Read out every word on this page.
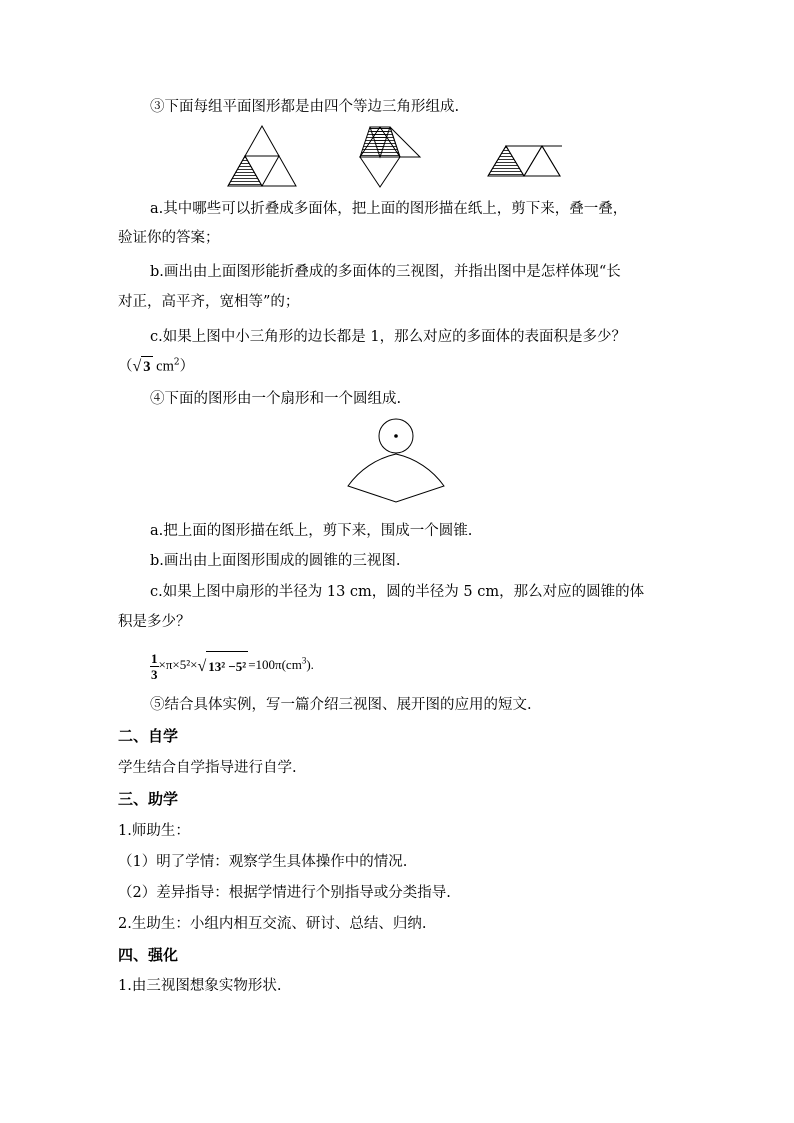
③下面每组平面图形都是由四个等边三角形组成.
a.其中哪些可以折叠成多面体，把上面的图形描在纸上，剪下来，叠一叠，
验证你的答案；
b.画出由上面图形能折叠成的多面体的三视图，并指出图中是怎样体现“长
对正，高平齐，宽相等”的；
c.如果上图中小三角形的边长都是 1，那么对应的多面体的表面积是多少？
（√ 3 $cm^2$）
④下面的图形由一个扇形和一个圆组成.
a.把上面的图形描在纸上，剪下来，围成一个圆锥.
b.画出由上面图形围成的圆锥的三视图.
c.如果上图中扇形的半径为 13 cm，圆的半径为 5 cm，那么对应的圆锥的体
积是多少？
$\frac{1}{3} \times\pi\times 5^2\times√$ $13^2 -5^2 =100\pi(cm^3)$.
⑤结合具体实例，写一篇介绍三视图、展开图的应用的短文.
二、自学
学生结合自学指导进行自学.
三、助学
1.师助生：
（1）明了学情：观察学生具体操作中的情况.
（2）差异指导：根据学情进行个别指导或分类指导.
2.生助生：小组内相互交流、研讨、总结、归纳.
四、强化
1.由三视图想象实物形状.
